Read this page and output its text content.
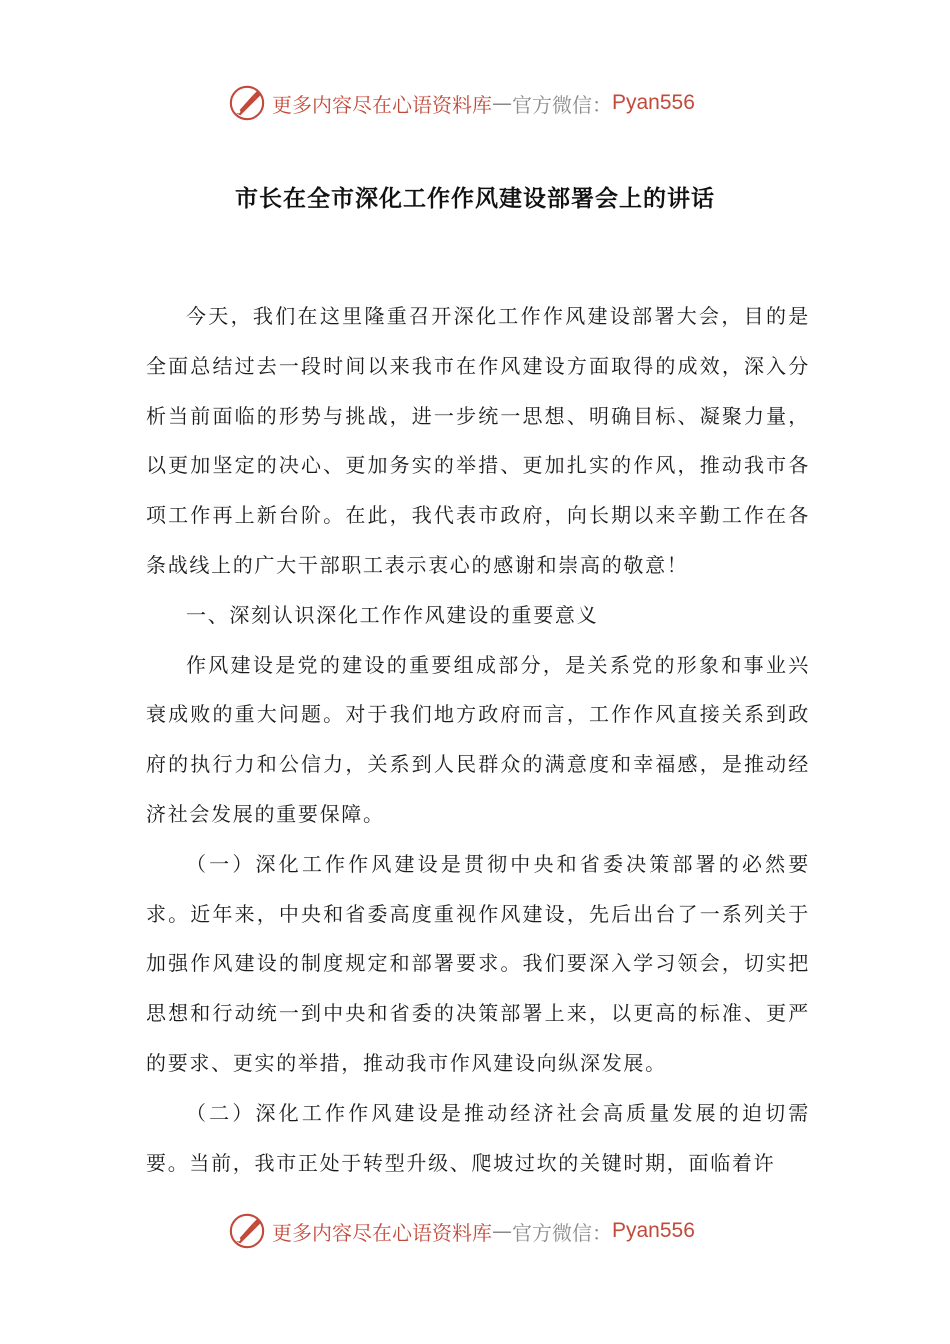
更多内容尽在心语资料库 — 官方微信： Pyan556
市长在全市深化工作作风建设部署会上的讲话

今天，我们在这里隆重召开深化工作作风建设部署大会，目的是全面总结过去一段时间以来我市在作风建设方面取得的成效，深入分析当前面临的形势与挑战，进一步统一思想、明确目标、凝聚力量，以更加坚定的决心、更加务实的举措、更加扎实的作风，推动我市各项工作再上新台阶。在此，我代表市政府，向长期以来辛勤工作在各条战线上的广大干部职工表示衷心的感谢和崇高的敬意！

一、深刻认识深化工作作风建设的重要意义

作风建设是党的建设的重要组成部分，是关系党的形象和事业兴衰成败的重大问题。对于我们地方政府而言，工作作风直接关系到政府的执行力和公信力，关系到人民群众的满意度和幸福感，是推动经济社会发展的重要保障。

（一）深化工作作风建设是贯彻中央和省委决策部署的必然要求。近年来，中央和省委高度重视作风建设，先后出台了一系列关于加强作风建设的制度规定和部署要求。我们要深入学习领会，切实把思想和行动统一到中央和省委的决策部署上来，以更高的标准、更严的要求、更实的举措，推动我市作风建设向纵深发展。

（二）深化工作作风建设是推动经济社会高质量发展的迫切需要。当前，我市正处于转型升级、爬坡过坎的关键时期，面临着许

更多内容尽在心语资料库 — 官方微信： Pyan556
